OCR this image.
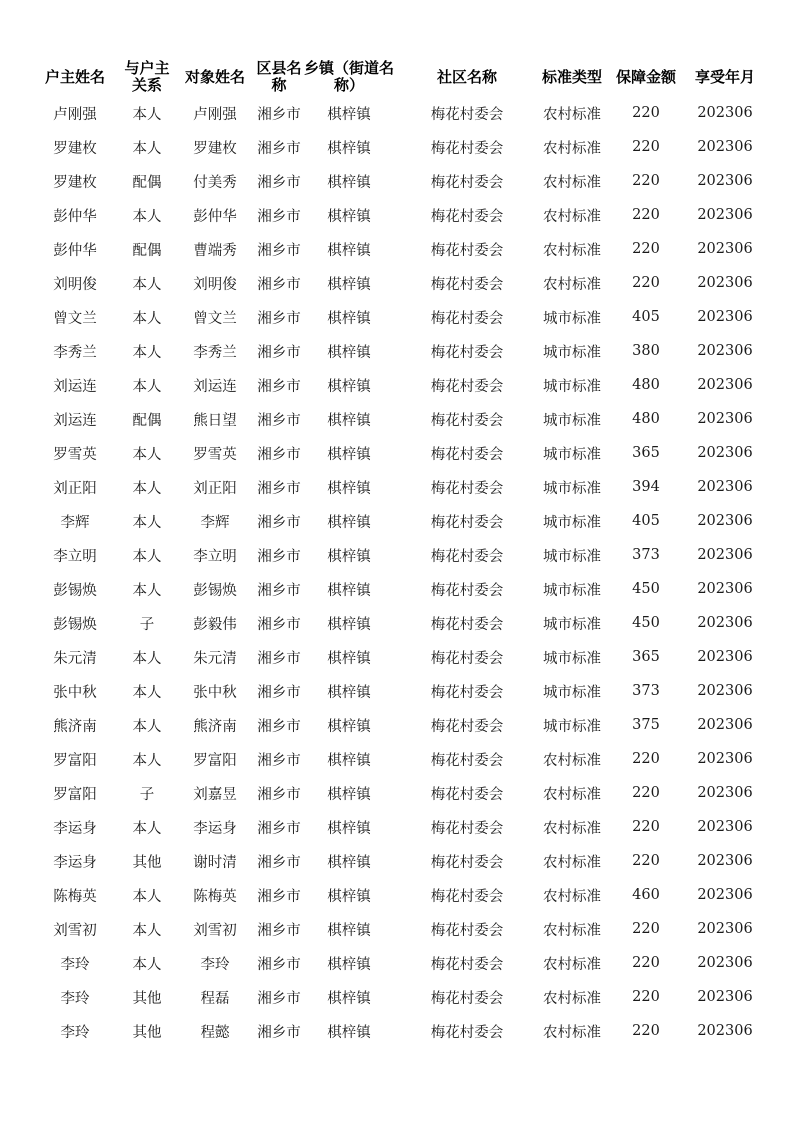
户主姓名	与户主关系	对象姓名	区县名称	乡镇（街道名称）	社区名称	标准类型	保障金额	享受年月
卢刚强	本人	卢刚强	湘乡市	棋梓镇	梅花村委会	农村标准	220	202306
罗建枚	本人	罗建枚	湘乡市	棋梓镇	梅花村委会	农村标准	220	202306
罗建枚	配偶	付美秀	湘乡市	棋梓镇	梅花村委会	农村标准	220	202306
彭仲华	本人	彭仲华	湘乡市	棋梓镇	梅花村委会	农村标准	220	202306
彭仲华	配偶	曹端秀	湘乡市	棋梓镇	梅花村委会	农村标准	220	202306
刘明俊	本人	刘明俊	湘乡市	棋梓镇	梅花村委会	农村标准	220	202306
曾文兰	本人	曾文兰	湘乡市	棋梓镇	梅花村委会	城市标准	405	202306
李秀兰	本人	李秀兰	湘乡市	棋梓镇	梅花村委会	城市标准	380	202306
刘运连	本人	刘运连	湘乡市	棋梓镇	梅花村委会	城市标准	480	202306
刘运连	配偶	熊日望	湘乡市	棋梓镇	梅花村委会	城市标准	480	202306
罗雪英	本人	罗雪英	湘乡市	棋梓镇	梅花村委会	城市标准	365	202306
刘正阳	本人	刘正阳	湘乡市	棋梓镇	梅花村委会	城市标准	394	202306
李辉	本人	李辉	湘乡市	棋梓镇	梅花村委会	城市标准	405	202306
李立明	本人	李立明	湘乡市	棋梓镇	梅花村委会	城市标准	373	202306
彭锡焕	本人	彭锡焕	湘乡市	棋梓镇	梅花村委会	城市标准	450	202306
彭锡焕	子	彭毅伟	湘乡市	棋梓镇	梅花村委会	城市标准	450	202306
朱元清	本人	朱元清	湘乡市	棋梓镇	梅花村委会	城市标准	365	202306
张中秋	本人	张中秋	湘乡市	棋梓镇	梅花村委会	城市标准	373	202306
熊济南	本人	熊济南	湘乡市	棋梓镇	梅花村委会	城市标准	375	202306
罗富阳	本人	罗富阳	湘乡市	棋梓镇	梅花村委会	农村标准	220	202306
罗富阳	子	刘嘉昱	湘乡市	棋梓镇	梅花村委会	农村标准	220	202306
李运身	本人	李运身	湘乡市	棋梓镇	梅花村委会	农村标准	220	202306
李运身	其他	谢时清	湘乡市	棋梓镇	梅花村委会	农村标准	220	202306
陈梅英	本人	陈梅英	湘乡市	棋梓镇	梅花村委会	农村标准	460	202306
刘雪初	本人	刘雪初	湘乡市	棋梓镇	梅花村委会	农村标准	220	202306
李玲	本人	李玲	湘乡市	棋梓镇	梅花村委会	农村标准	220	202306
李玲	其他	程磊	湘乡市	棋梓镇	梅花村委会	农村标准	220	202306
李玲	其他	程懿	湘乡市	棋梓镇	梅花村委会	农村标准	220	202306
